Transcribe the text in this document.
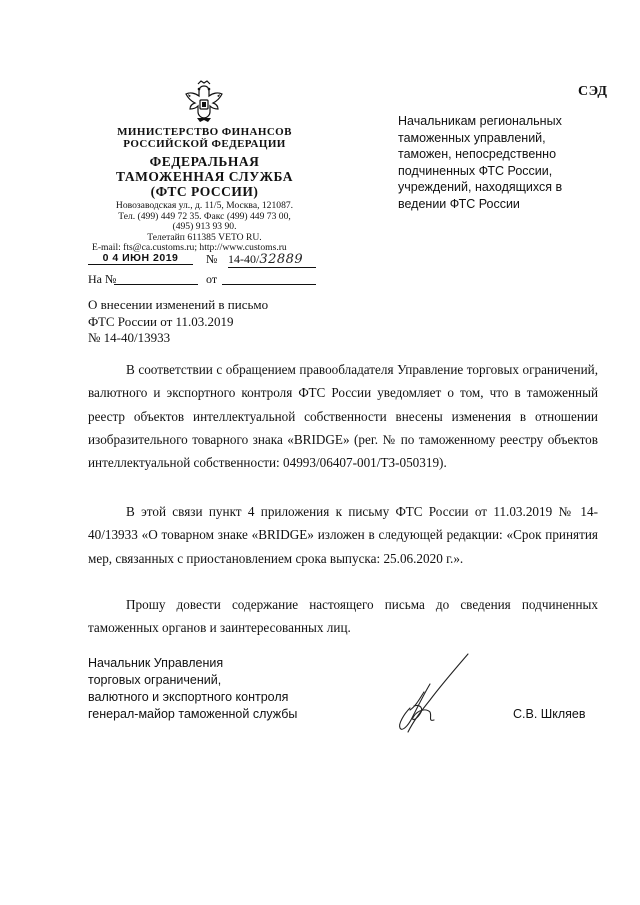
СЭД
МИНИСТЕРСТВО ФИНАНСОВ
РОССИЙСКОЙ ФЕДЕРАЦИИ
ФЕДЕРАЛЬНАЯ
ТАМОЖЕННАЯ СЛУЖБА
(ФТС РОССИИ)
Новозаводская ул., д. 11/5, Москва, 121087.
Тел. (499) 449 72 35. Факс (499) 449 73 00,
(495) 913 93 90.
Телетайп 611385 VETO RU.
E-mail: fts@ca.customs.ru; http://www.customs.ru
0 4 ИЮН 2019	№ 14-40/32889
На №	от
Начальникам региональных
таможенных управлений,
таможен, непосредственно
подчиненных ФТС России,
учреждений, находящихся в
ведении ФТС России
О внесении изменений в письмо
ФТС России от 11.03.2019
№ 14-40/13933

В соответствии с обращением правообладателя Управление торговых ограничений, валютного и экспортного контроля ФТС России уведомляет о том, что в таможенный реестр объектов интеллектуальной собственности внесены изменения в отношении изобразительного товарного знака «BRIDGE» (рег. № по таможенному реестру объектов интеллектуальной собственности: 04993/06407-001/ТЗ-050319).

В этой связи пункт 4 приложения к письму ФТС России от 11.03.2019 № 14-40/13933 «О товарном знаке «BRIDGE» изложен в следующей редакции: «Срок принятия мер, связанных с приостановлением срока выпуска: 25.06.2020 г.».

Прошу довести содержание настоящего письма до сведения подчиненных таможенных органов и заинтересованных лиц.

Начальник Управления
торговых ограничений,
валютного и экспортного контроля
генерал-майор таможенной службы	С.В. Шкляев
